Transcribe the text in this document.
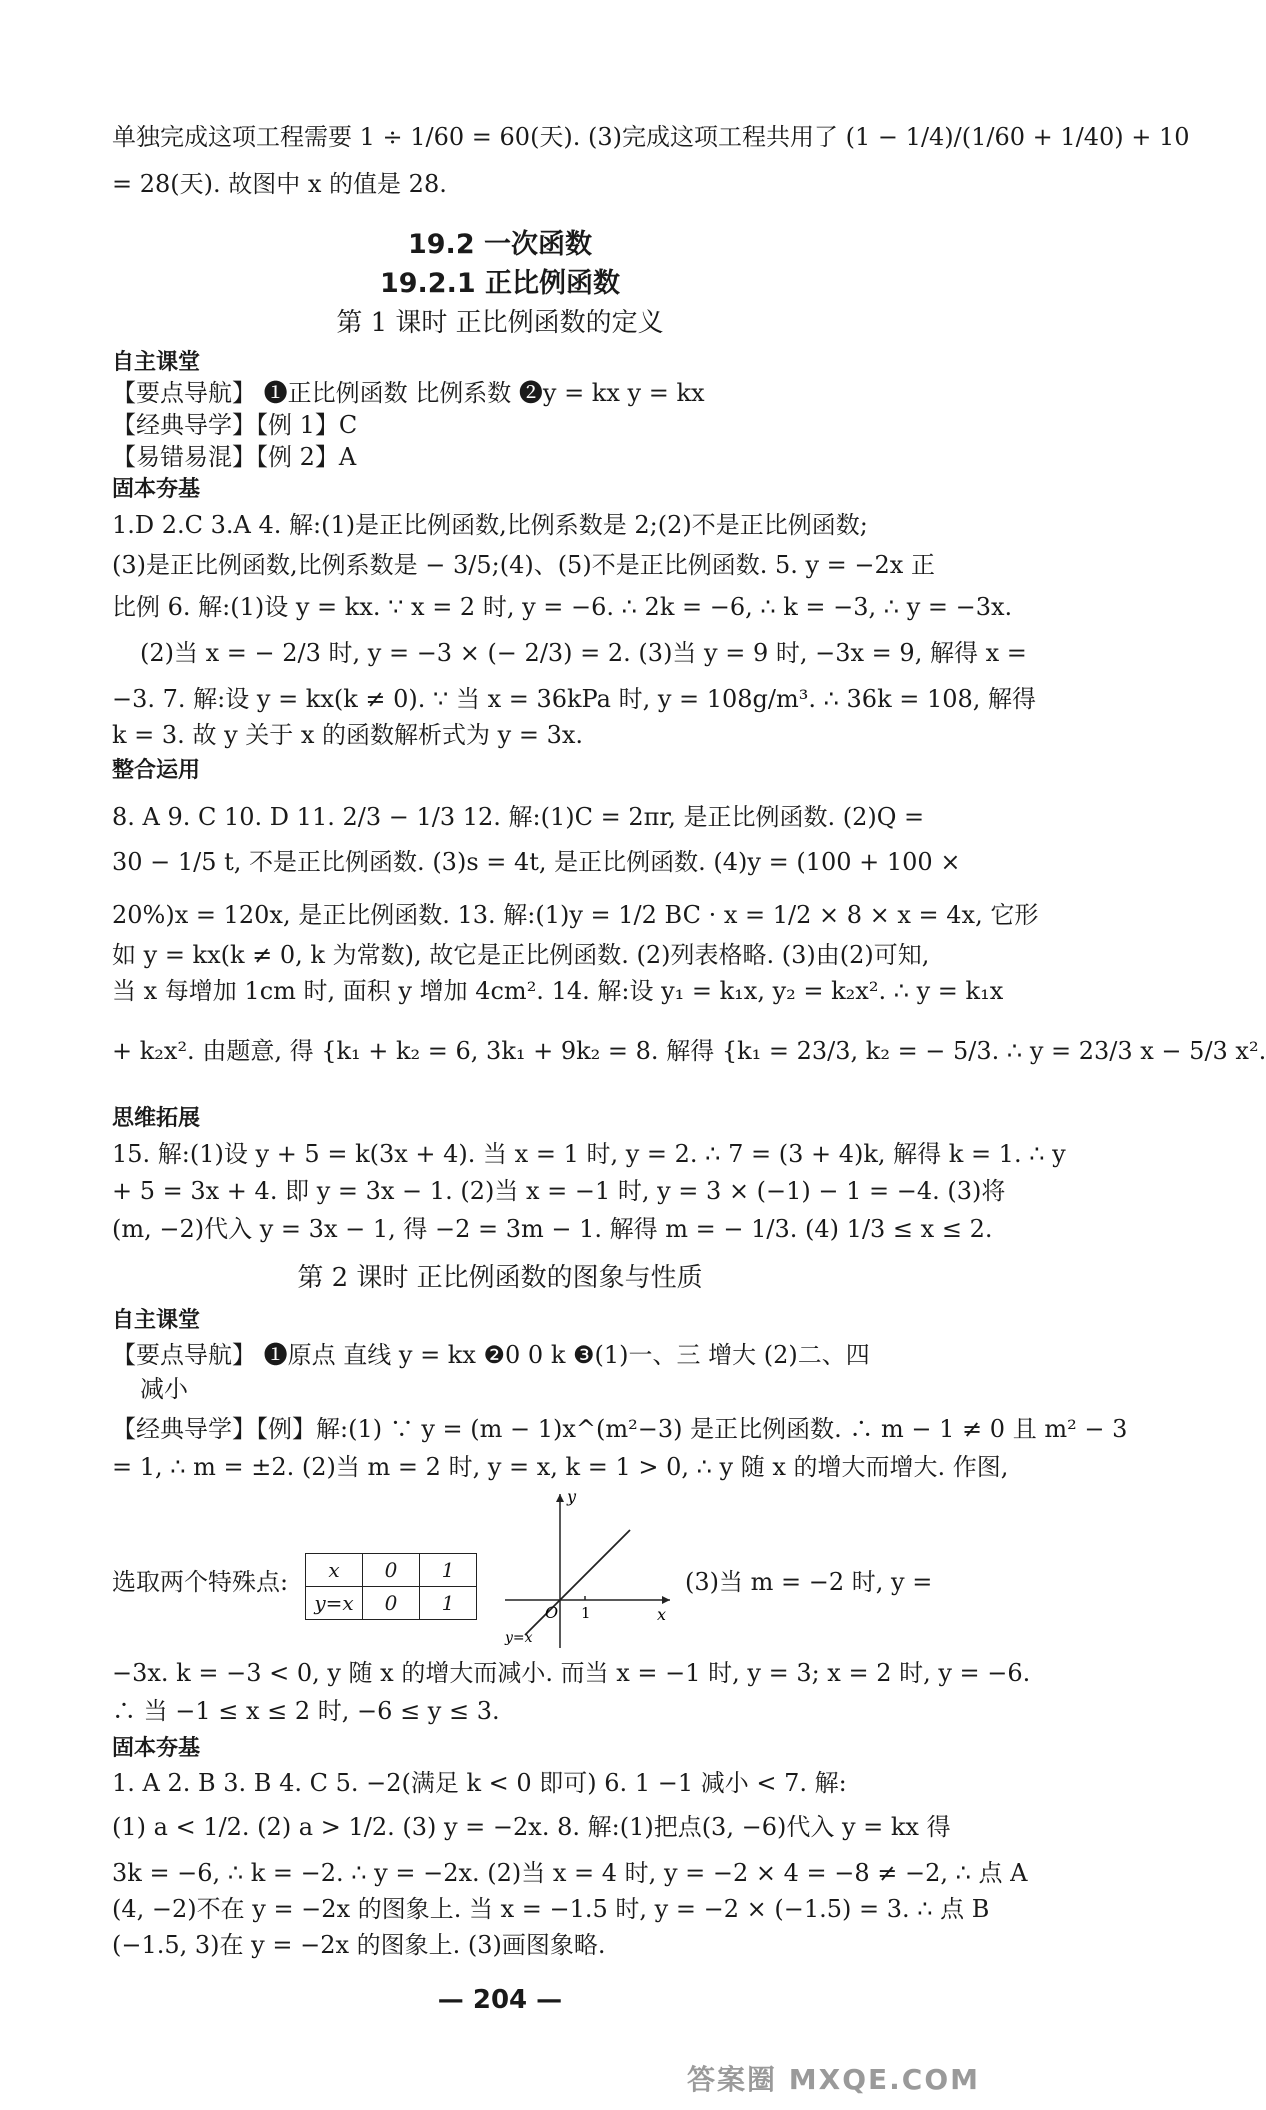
单独完成这项工程需要 1 ÷ 1/60 = 60(天). (3)完成这项工程共用了 (1 − 1/4)/(1/60 + 1/40) + 10
= 28(天). 故图中 x 的值是 28.
19.2 一次函数
19.2.1 正比例函数
第 1 课时 正比例函数的定义
自主课堂
【要点导航】 ❶正比例函数 比例系数 ❷y = kx y = kx
【经典导学】【例 1】C
【易错易混】【例 2】A
固本夯基
1.D 2.C 3.A 4. 解:(1)是正比例函数,比例系数是 2;(2)不是正比例函数;
(3)是正比例函数,比例系数是 − 3/5;(4)、(5)不是正比例函数. 5. y = −2x 正
比例 6. 解:(1)设 y = kx. ∵ x = 2 时, y = −6. ∴ 2k = −6, ∴ k = −3, ∴ y = −3x.
(2)当 x = − 2/3 时, y = −3 × (− 2/3) = 2. (3)当 y = 9 时, −3x = 9, 解得 x =
−3. 7. 解:设 y = kx(k ≠ 0). ∵ 当 x = 36kPa 时, y = 108g/m³. ∴ 36k = 108, 解得
k = 3. 故 y 关于 x 的函数解析式为 y = 3x.
整合运用
8. A 9. C 10. D 11. 2/3 − 1/3 12. 解:(1)C = 2πr, 是正比例函数. (2)Q =
30 − 1/5 t, 不是正比例函数. (3)s = 4t, 是正比例函数. (4)y = (100 + 100 ×
20%)x = 120x, 是正比例函数. 13. 解:(1)y = 1/2 BC · x = 1/2 × 8 × x = 4x, 它形
如 y = kx(k ≠ 0, k 为常数), 故它是正比例函数. (2)列表格略. (3)由(2)可知,
当 x 每增加 1cm 时, 面积 y 增加 4cm². 14. 解:设 y₁ = k₁x, y₂ = k₂x². ∴ y = k₁x
+ k₂x². 由题意, 得 {k₁ + k₂ = 6, 3k₁ + 9k₂ = 8. 解得 {k₁ = 23/3, k₂ = − 5/3. ∴ y = 23/3 x − 5/3 x².
思维拓展
15. 解:(1)设 y + 5 = k(3x + 4). 当 x = 1 时, y = 2. ∴ 7 = (3 + 4)k, 解得 k = 1. ∴ y
+ 5 = 3x + 4. 即 y = 3x − 1. (2)当 x = −1 时, y = 3 × (−1) − 1 = −4. (3)将
(m, −2)代入 y = 3x − 1, 得 −2 = 3m − 1. 解得 m = − 1/3. (4) 1/3 ≤ x ≤ 2.
第 2 课时 正比例函数的图象与性质
自主课堂
【要点导航】 ❶原点 直线 y = kx ❷0 0 k ❸(1)一、三 增大 (2)二、四
减小
【经典导学】【例】解:(1) ∵ y = (m − 1)x^(m²−3) 是正比例函数. ∴ m − 1 ≠ 0 且 m² − 3
= 1, ∴ m = ±2. (2)当 m = 2 时, y = x, k = 1 > 0, ∴ y 随 x 的增大而增大. 作图,
选取两个特殊点:	x	0	1
y=x	0	1
y
x
O 1
y=x
(3)当 m = −2 时, y =
−3x. k = −3 < 0, y 随 x 的增大而减小. 而当 x = −1 时, y = 3; x = 2 时, y = −6.
∴ 当 −1 ≤ x ≤ 2 时, −6 ≤ y ≤ 3.
固本夯基
1. A 2. B 3. B 4. C 5. −2(满足 k < 0 即可) 6. 1 −1 减小 < 7. 解:
(1) a < 1/2. (2) a > 1/2. (3) y = −2x. 8. 解:(1)把点(3, −6)代入 y = kx 得
3k = −6, ∴ k = −2. ∴ y = −2x. (2)当 x = 4 时, y = −2 × 4 = −8 ≠ −2, ∴ 点 A
(4, −2)不在 y = −2x 的图象上. 当 x = −1.5 时, y = −2 × (−1.5) = 3. ∴ 点 B
(−1.5, 3)在 y = −2x 的图象上. (3)画图象略.
— 204 —
答案圈 MXQE.COM
